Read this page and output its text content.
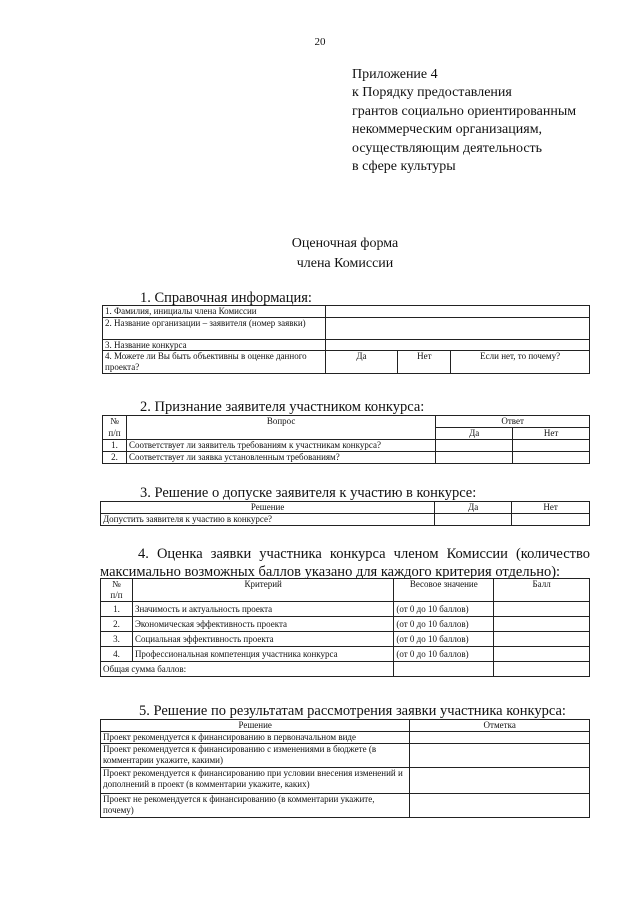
20
Приложение 4
к Порядку предоставления
грантов социально ориентированным
некоммерческим организациям,
осуществляющим деятельность
в сфере культуры
Оценочная форма
члена Комиссии
1. Справочная информация:
1. Фамилия, инициалы члена Комиссии			
2. Название организации – заявителя (номер заявки)			
3. Название конкурса			
4. Можете ли Вы быть объективны в оценке данного проекта?	Да	Нет	Если нет, то почему?
2. Признание заявителя участником конкурса:
№	Вопрос	Ответ	
п/п		Да	Нет
1.	Соответствует ли заявитель требованиям к участникам конкурса?		
2.	Соответствует ли заявка установленным требованиям?		
3. Решение о допуске заявителя к участию в конкурсе:
Решение	Да	Нет
Допустить заявителя к участию в конкурсе?		
4. Оценка заявки участника конкурса членом Комиссии (количество максимально возможных баллов указано для каждого критерия отдельно):
№	Критерий	Весовое значение	Балл
п/п			
1.	Значимость и актуальность проекта	(от 0 до 10 баллов)	
2.	Экономическая эффективность проекта	(от 0 до 10 баллов)	
3.	Социальная эффективность проекта	(от 0 до 10 баллов)	
4.	Профессиональная компетенция участника конкурса	(от 0 до 10 баллов)	
Общая сумма баллов:			
5. Решение по результатам рассмотрения заявки участника конкурса:
Решение	Отметка
Проект рекомендуется к финансированию в первоначальном виде	
Проект рекомендуется к финансированию с изменениями в бюджете (в комментарии укажите, какими)	
Проект рекомендуется к финансированию при условии внесения изменений и дополнений в проект (в комментарии укажите, каких)	
Проект не рекомендуется к финансированию (в комментарии укажите, почему)	
